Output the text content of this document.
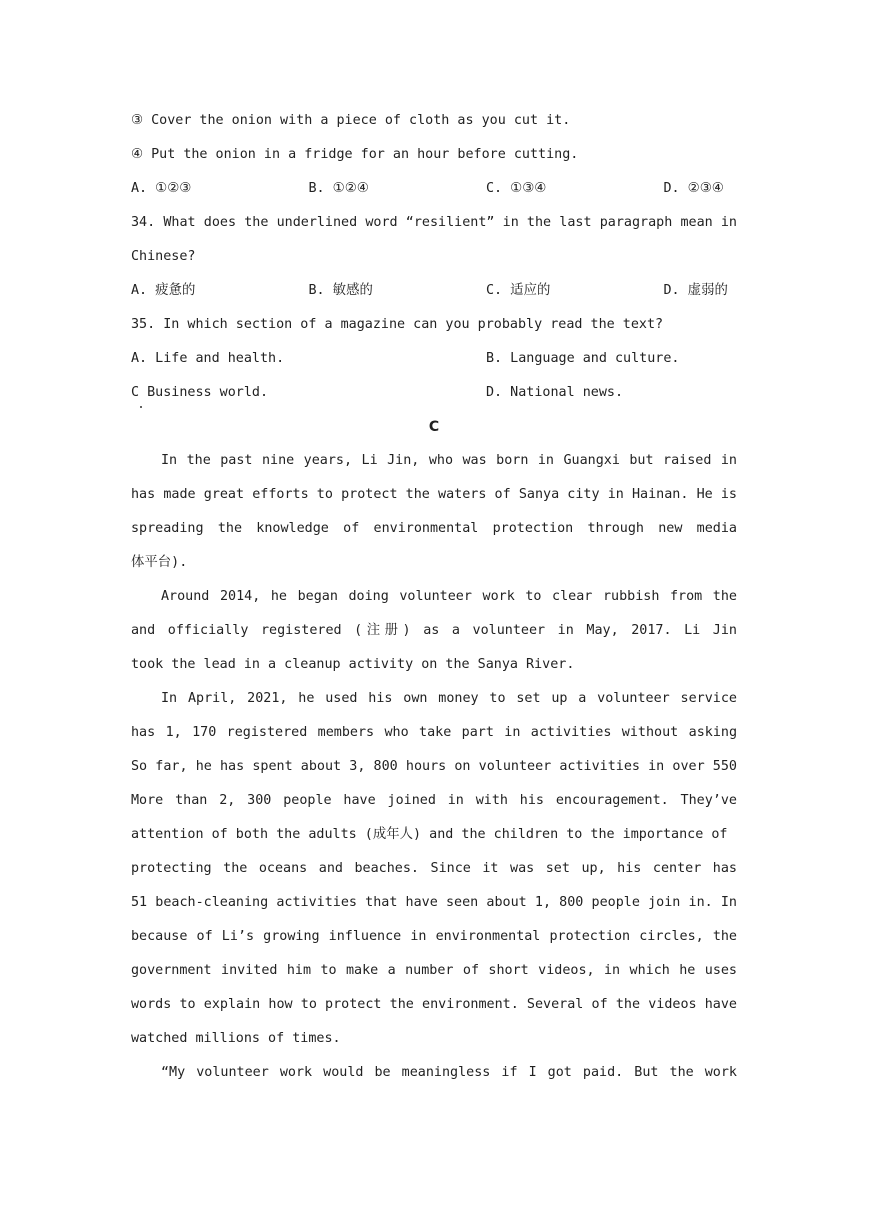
③ Cover the onion with a piece of cloth as you cut it.
④ Put the onion in a fridge for an hour before cutting.
A. ①②③	B. ①②④	C. ①③④	D. ②③④
34. What does the underlined word “resilient” in the last paragraph mean in
Chinese?
A. 疲惫的	B. 敏感的	C. 适应的	D. 虚弱的
35. In which section of a magazine can you probably read the text?
A. Life and health.	B. Language and culture.
C Business world.	D. National news.
C
In the past nine years, Li Jin, who was born in Guangxi but raised in
has made great efforts to protect the waters of Sanya city in Hainan. He is
spreading the knowledge of environmental protection through new media
体平台).
Around 2014, he began doing volunteer work to clear rubbish from the
and officially registered (注册) as a volunteer in May, 2017. Li Jin
took the lead in a cleanup activity on the Sanya River.
In April, 2021, he used his own money to set up a volunteer service
has 1, 170 registered members who take part in activities without asking
So far, he has spent about 3, 800 hours on volunteer activities in over 550
More than 2, 300 people have joined in with his encouragement. They’ve
attention of both the adults (成年人) and the children to the importance of
protecting the oceans and beaches. Since it was set up, his center has
51 beach-cleaning activities that have seen about 1, 800 people join in. In
because of Li’s growing influence in environmental protection circles, the
government invited him to make a number of short videos, in which he uses
words to explain how to protect the environment. Several of the videos have
watched millions of times.
“My volunteer work would be meaningless if I got paid. But the work
